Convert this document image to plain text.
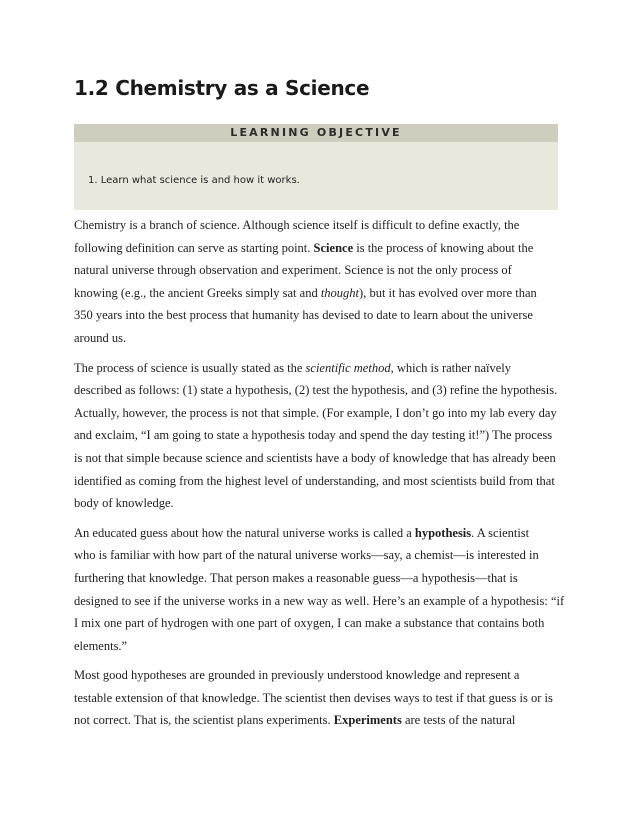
1.2 Chemistry as a Science
LEARNING OBJECTIVE
1. Learn what science is and how it works.

Chemistry is a branch of science. Although science itself is difficult to define exactly, the
following definition can serve as starting point. Science is the process of knowing about the
natural universe through observation and experiment. Science is not the only process of
knowing (e.g., the ancient Greeks simply sat and thought), but it has evolved over more than
350 years into the best process that humanity has devised to date to learn about the universe
around us.

The process of science is usually stated as the scientific method, which is rather naïvely
described as follows: (1) state a hypothesis, (2) test the hypothesis, and (3) refine the hypothesis.
Actually, however, the process is not that simple. (For example, I don’t go into my lab every day
and exclaim, “I am going to state a hypothesis today and spend the day testing it!”) The process
is not that simple because science and scientists have a body of knowledge that has already been
identified as coming from the highest level of understanding, and most scientists build from that
body of knowledge.

An educated guess about how the natural universe works is called a hypothesis. A scientist
who is familiar with how part of the natural universe works—say, a chemist—is interested in
furthering that knowledge. That person makes a reasonable guess—a hypothesis—that is
designed to see if the universe works in a new way as well. Here’s an example of a hypothesis: “if
I mix one part of hydrogen with one part of oxygen, I can make a substance that contains both
elements.”

Most good hypotheses are grounded in previously understood knowledge and represent a
testable extension of that knowledge. The scientist then devises ways to test if that guess is or is
not correct. That is, the scientist plans experiments. Experiments are tests of the natural
